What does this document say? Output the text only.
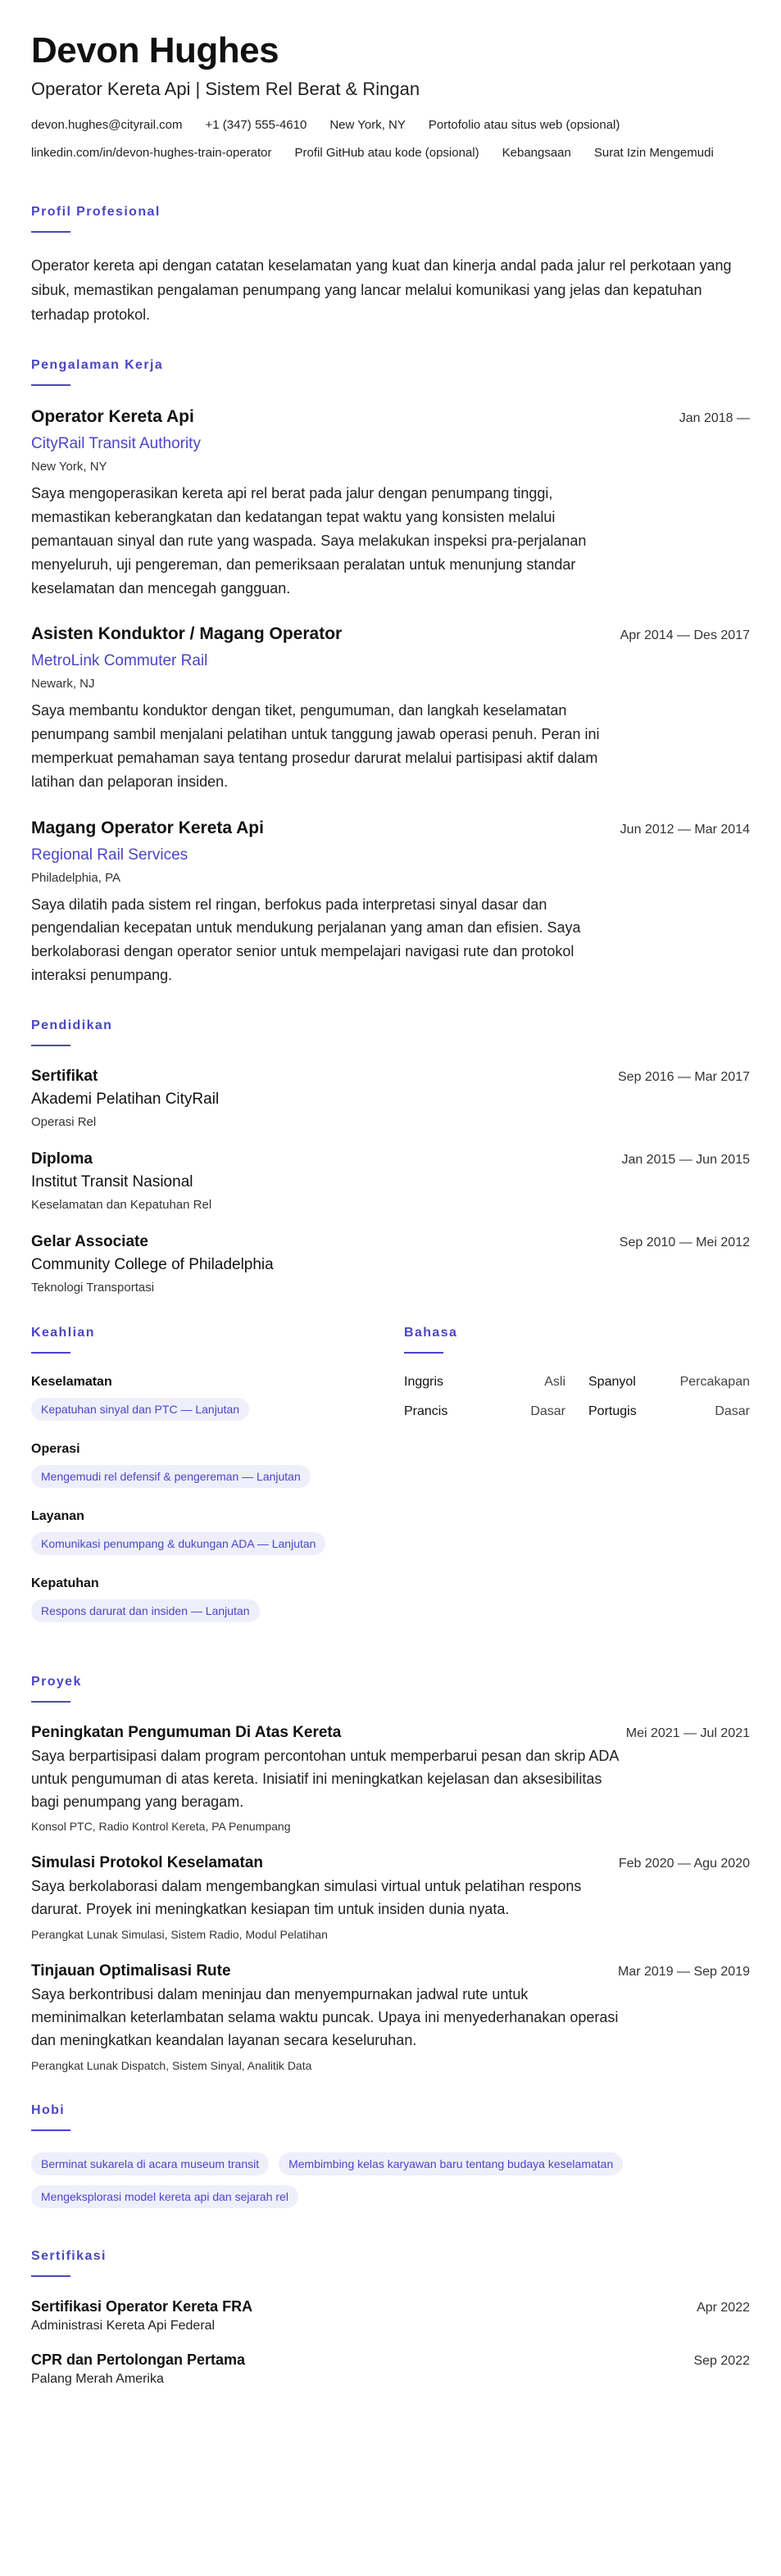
Devon Hughes
Operator Kereta Api | Sistem Rel Berat & Ringan
devon.hughes@cityrail.com +1 (347) 555-4610 New York, NY Portofolio atau situs web (opsional)
linkedin.com/in/devon-hughes-train-operator Profil GitHub atau kode (opsional) Kebangsaan Surat Izin Mengemudi
Profil Profesional

Operator kereta api dengan catatan keselamatan yang kuat dan kinerja andal pada jalur rel perkotaan yang sibuk, memastikan pengalaman penumpang yang lancar melalui komunikasi yang jelas dan kepatuhan terhadap protokol.

Pengalaman Kerja
Operator Kereta Api	Jan 2018 —
CityRail Transit Authority
New York, NY

Saya mengoperasikan kereta api rel berat pada jalur dengan penumpang tinggi, memastikan keberangkatan dan kedatangan tepat waktu yang konsisten melalui pemantauan sinyal dan rute yang waspada. Saya melakukan inspeksi pra-perjalanan menyeluruh, uji pengereman, dan pemeriksaan peralatan untuk menunjung standar keselamatan dan mencegah gangguan.

Asisten Konduktor / Magang Operator	Apr 2014 — Des 2017
MetroLink Commuter Rail
Newark, NJ

Saya membantu konduktor dengan tiket, pengumuman, dan langkah keselamatan penumpang sambil menjalani pelatihan untuk tanggung jawab operasi penuh. Peran ini memperkuat pemahaman saya tentang prosedur darurat melalui partisipasi aktif dalam latihan dan pelaporan insiden.

Magang Operator Kereta Api	Jun 2012 — Mar 2014
Regional Rail Services
Philadelphia, PA

Saya dilatih pada sistem rel ringan, berfokus pada interpretasi sinyal dasar dan pengendalian kecepatan untuk mendukung perjalanan yang aman dan efisien. Saya berkolaborasi dengan operator senior untuk mempelajari navigasi rute dan protokol interaksi penumpang.

Pendidikan
Sertifikat	Sep 2016 — Mar 2017
Akademi Pelatihan CityRail
Operasi Rel
Diploma	Jan 2015 — Jun 2015
Institut Transit Nasional
Keselamatan dan Kepatuhan Rel
Gelar Associate	Sep 2010 — Mei 2012
Community College of Philadelphia
Teknologi Transportasi
Keahlian
Keselamatan
Kepatuhan sinyal dan PTC — Lanjutan
Operasi
Mengemudi rel defensif & pengereman — Lanjutan
Layanan
Komunikasi penumpang & dukungan ADA — Lanjutan
Kepatuhan
Respons darurat dan insiden — Lanjutan
Bahasa
Inggris	Asli Spanyol	Percakapan
Prancis	Dasar Portugis	Dasar
Proyek
Peningkatan Pengumuman Di Atas Kereta	Mei 2021 — Jul 2021

Saya berpartisipasi dalam program percontohan untuk memperbarui pesan dan skrip ADA untuk pengumuman di atas kereta. Inisiatif ini meningkatkan kejelasan dan aksesibilitas bagi penumpang yang beragam.

Konsol PTC, Radio Kontrol Kereta, PA Penumpang
Simulasi Protokol Keselamatan	Feb 2020 — Agu 2020

Saya berkolaborasi dalam mengembangkan simulasi virtual untuk pelatihan respons darurat. Proyek ini meningkatkan kesiapan tim untuk insiden dunia nyata.

Perangkat Lunak Simulasi, Sistem Radio, Modul Pelatihan
Tinjauan Optimalisasi Rute	Mar 2019 — Sep 2019

Saya berkontribusi dalam meninjau dan menyempurnakan jadwal rute untuk meminimalkan keterlambatan selama waktu puncak. Upaya ini menyederhanakan operasi dan meningkatkan keandalan layanan secara keseluruhan.

Perangkat Lunak Dispatch, Sistem Sinyal, Analitik Data
Hobi
Berminat sukarela di acara museum transit	Membimbing kelas karyawan baru tentang budaya keselamatan
Mengeksplorasi model kereta api dan sejarah rel
Sertifikasi
Sertifikasi Operator Kereta FRA	Apr 2022
Administrasi Kereta Api Federal
CPR dan Pertolongan Pertama	Sep 2022
Palang Merah Amerika
